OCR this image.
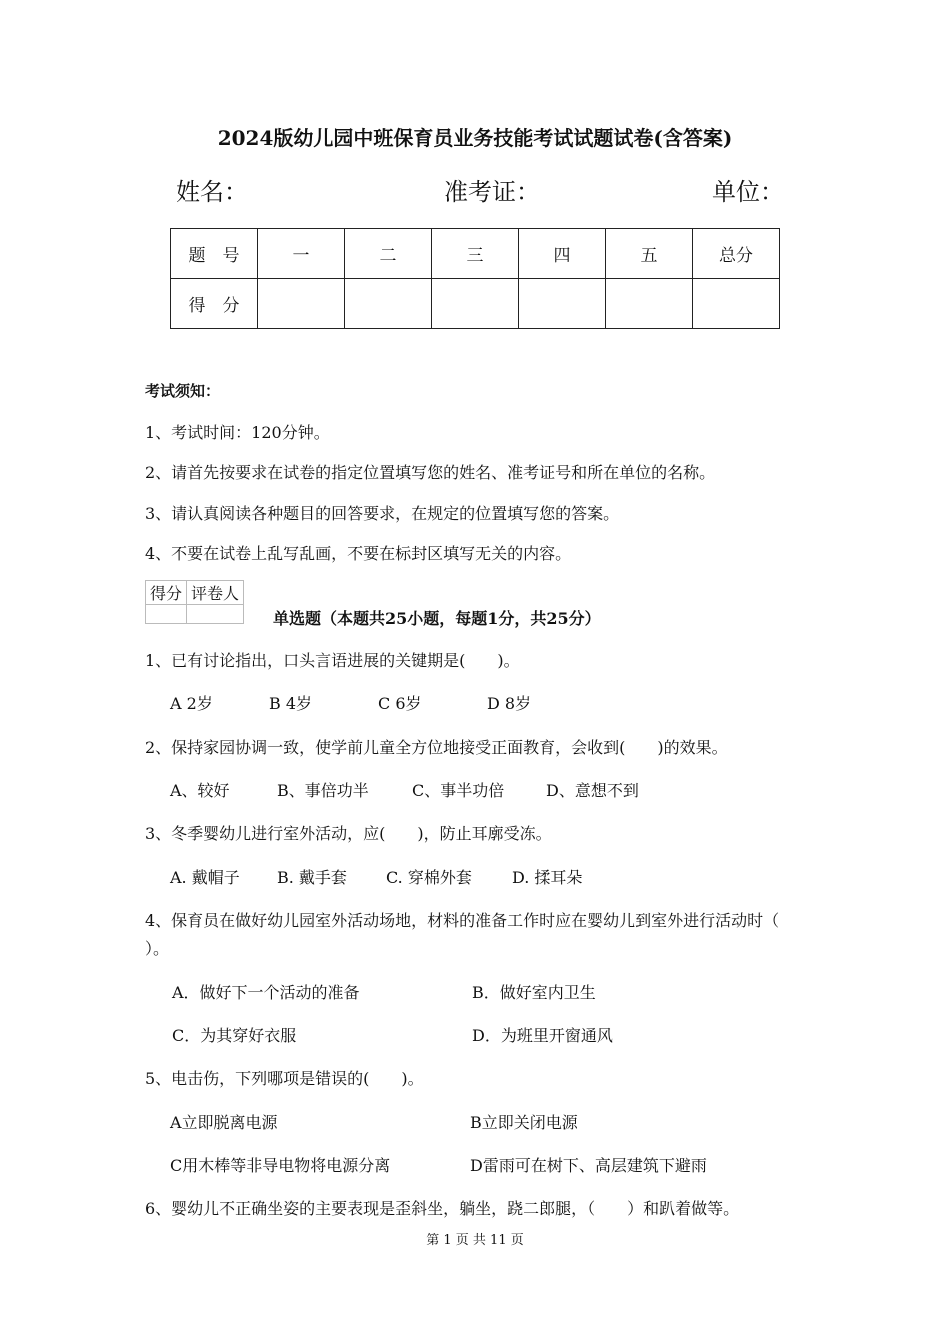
2024版幼儿园中班保育员业务技能考试试题试卷(含答案)
姓名：	准考证：	单位：
题　号	一	二	三	四	五	总分
得　分						
考试须知：
1、考试时间：120分钟。
2、请首先按要求在试卷的指定位置填写您的姓名、准考证号和所在单位的名称。
3、请认真阅读各种题目的回答要求，在规定的位置填写您的答案。
4、不要在试卷上乱写乱画，不要在标封区填写无关的内容。
得分	评卷人

单选题（本题共25小题，每题1分，共25分）
1、已有讨论指出，口头言语进展的关键期是(　　)。
A 2岁	B 4岁	C 6岁	D 8岁
2、保持家园协调一致，使学前儿童全方位地接受正面教育，会收到(　　)的效果。
A、较好	B、事倍功半	C、事半功倍	D、意想不到
3、冬季婴幼儿进行室外活动，应(　　)，防止耳廓受冻。
A. 戴帽子 B. 戴手套 C. 穿棉外套	D. 揉耳朵
4、保育员在做好幼儿园室外活动场地，材料的准备工作时应在婴幼儿到室外进行活动时（
）。
A．做好下一个活动的准备	B．做好室内卫生
C．为其穿好衣服	D．为班里开窗通风
5、电击伤，下列哪项是错误的(　　)。
A立即脱离电源	B立即关闭电源
C用木棒等非导电物将电源分离	D雷雨可在树下、高层建筑下避雨
6、婴幼儿不正确坐姿的主要表现是歪斜坐，躺坐，跷二郎腿，（　　）和趴着做等。
第 1 页 共 11 页
